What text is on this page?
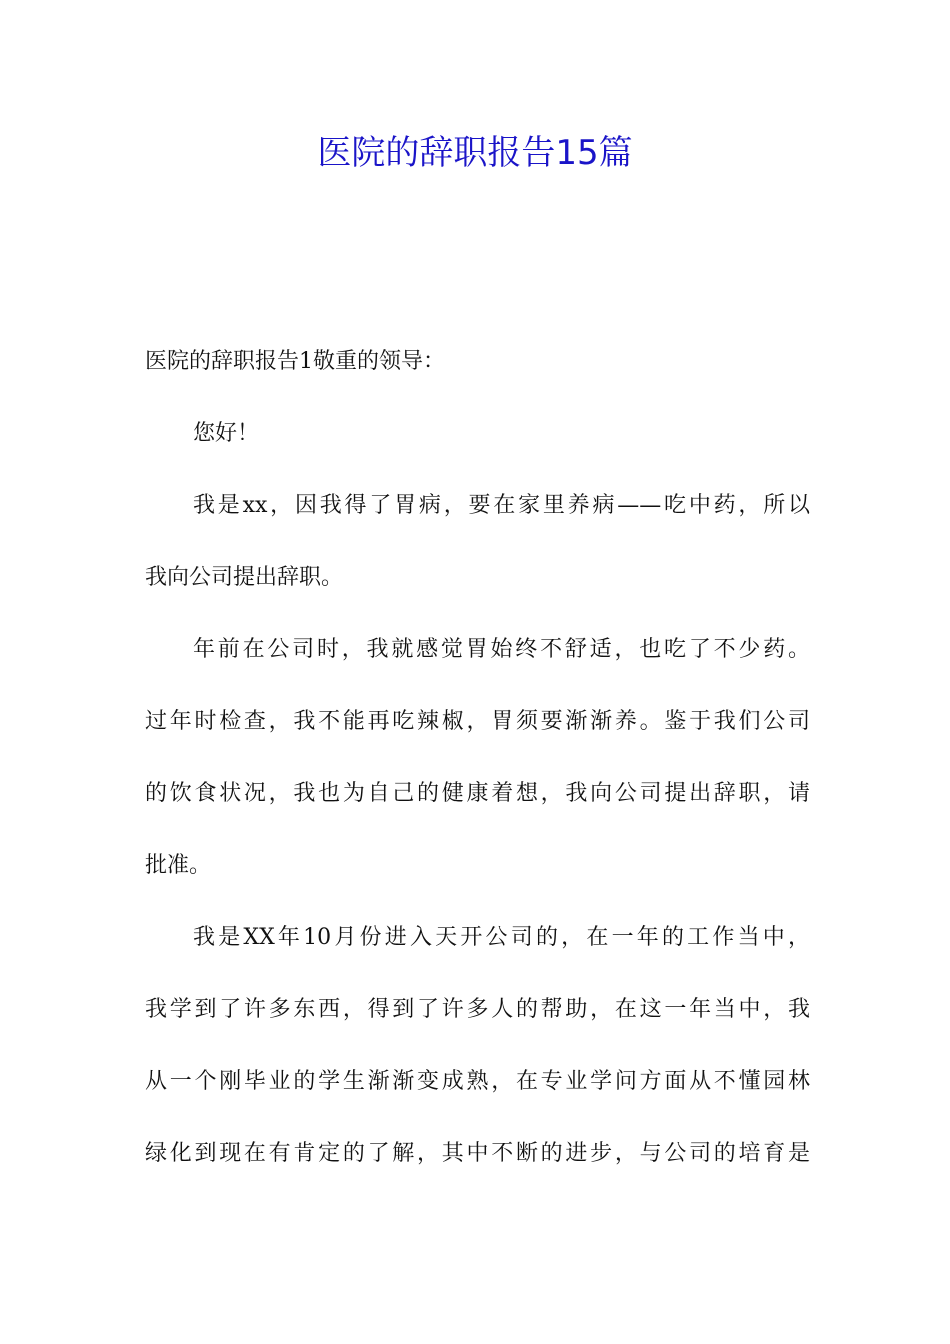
医院的辞职报告15篇
医院的辞职报告1敬重的领导：
您好！
我是xx，因我得了胃病，要在家里养病——吃中药，所以
我向公司提出辞职。
年前在公司时，我就感觉胃始终不舒适，也吃了不少药。
过年时检查，我不能再吃辣椒，胃须要渐渐养。鉴于我们公司
的饮食状况，我也为自己的健康着想，我向公司提出辞职，请
批准。
我是XX年10月份进入天开公司的，在一年的工作当中，
我学到了许多东西，得到了许多人的帮助，在这一年当中，我
从一个刚毕业的学生渐渐变成熟，在专业学问方面从不懂园林
绿化到现在有肯定的了解，其中不断的进步，与公司的培育是
